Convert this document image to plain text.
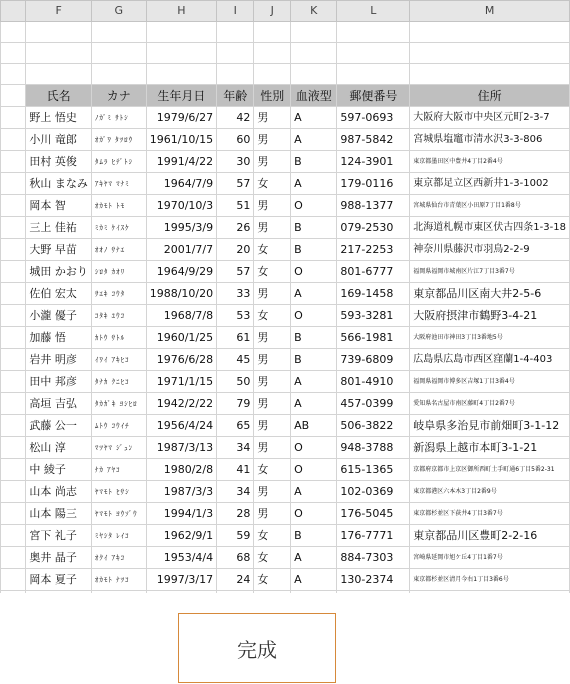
	F	G	H	I	J	K	L	M

	氏名	カナ	生年月日	年齢	性別	血液型	郵便番号	住所
	野上 悟史	ﾉｶﾞﾐ ｻﾄｼ	1979/6/27	42	男	A	597-0693	大阪府大阪市中央区元町2-3-7
	小川 竜郎	ｵｶﾞﾜ ﾀﾂﾛｳ	1961/10/15	60	男	A	987-5842	宮城県塩竈市清水沢3-3-806
	田村 英俊	ﾀﾑﾗ ﾋﾃﾞﾄｼ	1991/4/22	30	男	B	124-3901	東京都墨田区中豊井4丁目2番4号
	秋山 まなみ	ｱｷﾔﾏ ﾏﾅﾐ	1964/7/9	57	女	A	179-0116	東京都足立区西新井1-3-1002
	岡本 智	ｵｶﾓﾄ ﾄﾓ	1970/10/3	51	男	O	988-1377	宮城県仙台市青葉区小田原7丁目1番8号
	三上 佳祐	ﾐｶﾐ ｹｲｽｹ	1995/3/9	26	男	B	079-2530	北海道札幌市東区伏古四条1-3-18
	大野 早苗	ｵｵﾉ ｻﾅｴ	2001/7/7	20	女	B	217-2253	神奈川県藤沢市羽鳥2-2-9
	城田 かおり	ｼﾛﾀ ｶｵﾘ	1964/9/29	57	女	O	801-6777	福岡県福岡市城南区片江7丁目3番7号
	佐伯 宏太	ｻｴｷ ｺｳﾀ	1988/10/20	33	男	A	169-1458	東京都品川区南大井2-5-6
	小瀧 優子	ｺﾀｷ ﾕｳｺ	1968/7/8	53	女	O	593-3281	大阪府摂津市鶴野3-4-21
	加藤 悟	ｶﾄｳ ｻﾄﾙ	1960/1/25	61	男	B	566-1981	大阪府池田市神田3丁目3番地5号
	岩井 明彦	ｲﾜｲ ｱｷﾋｺ	1976/6/28	45	男	B	739-6809	広島県広島市西区窪蘭1-4-403
	田中 邦彦	ﾀﾅｶ ｸﾆﾋｺ	1971/1/15	50	男	A	801-4910	福岡県福岡市博多区吉塚1丁目3番4号
	高垣 吉弘	ﾀｶｶﾞｷ ﾖｼﾋﾛ	1942/2/22	79	男	A	457-0399	愛知県名古屋市南区藤町4丁目2番7号
	武藤 公一	ﾑﾄｳ ｺｳｲﾁ	1956/4/24	65	男	AB	506-3822	岐阜県多治見市前畑町3-1-12
	松山 淳	ﾏﾂﾔﾏ ｼﾞｭﾝ	1987/3/13	34	男	O	948-3788	新潟県上越市本町3-1-21
	中 綾子	ﾅｶ ｱﾔｺ	1980/2/8	41	女	O	615-1365	京都府京都市上京区御所西町土手町通6丁目5番2-31
	山本 尚志	ﾔﾏﾓﾄ ﾋｻｼ	1987/3/3	34	男	A	102-0369	東京都港区六本木3丁目2番9号
	山本 陽三	ﾔﾏﾓﾄ ﾖｳｿﾞｳ	1994/1/3	28	男	O	176-5045	東京都杉並区下荻井4丁目3番7号
	宮下 礼子	ﾐﾔｼﾀ ﾚｲｺ	1962/9/1	59	女	B	176-7771	東京都品川区豊町2-2-16
	奥井 晶子	ｵｸｲ ｱｷｺ	1953/4/4	68	女	A	884-7303	宮崎県延岡市旭ケ丘4丁目1番7号
	岡本 夏子	ｵｶﾓﾄ ﾅﾂｺ	1997/3/17	24	女	A	130-2374	東京都杉並区清月今右1丁目3番6号

完成
